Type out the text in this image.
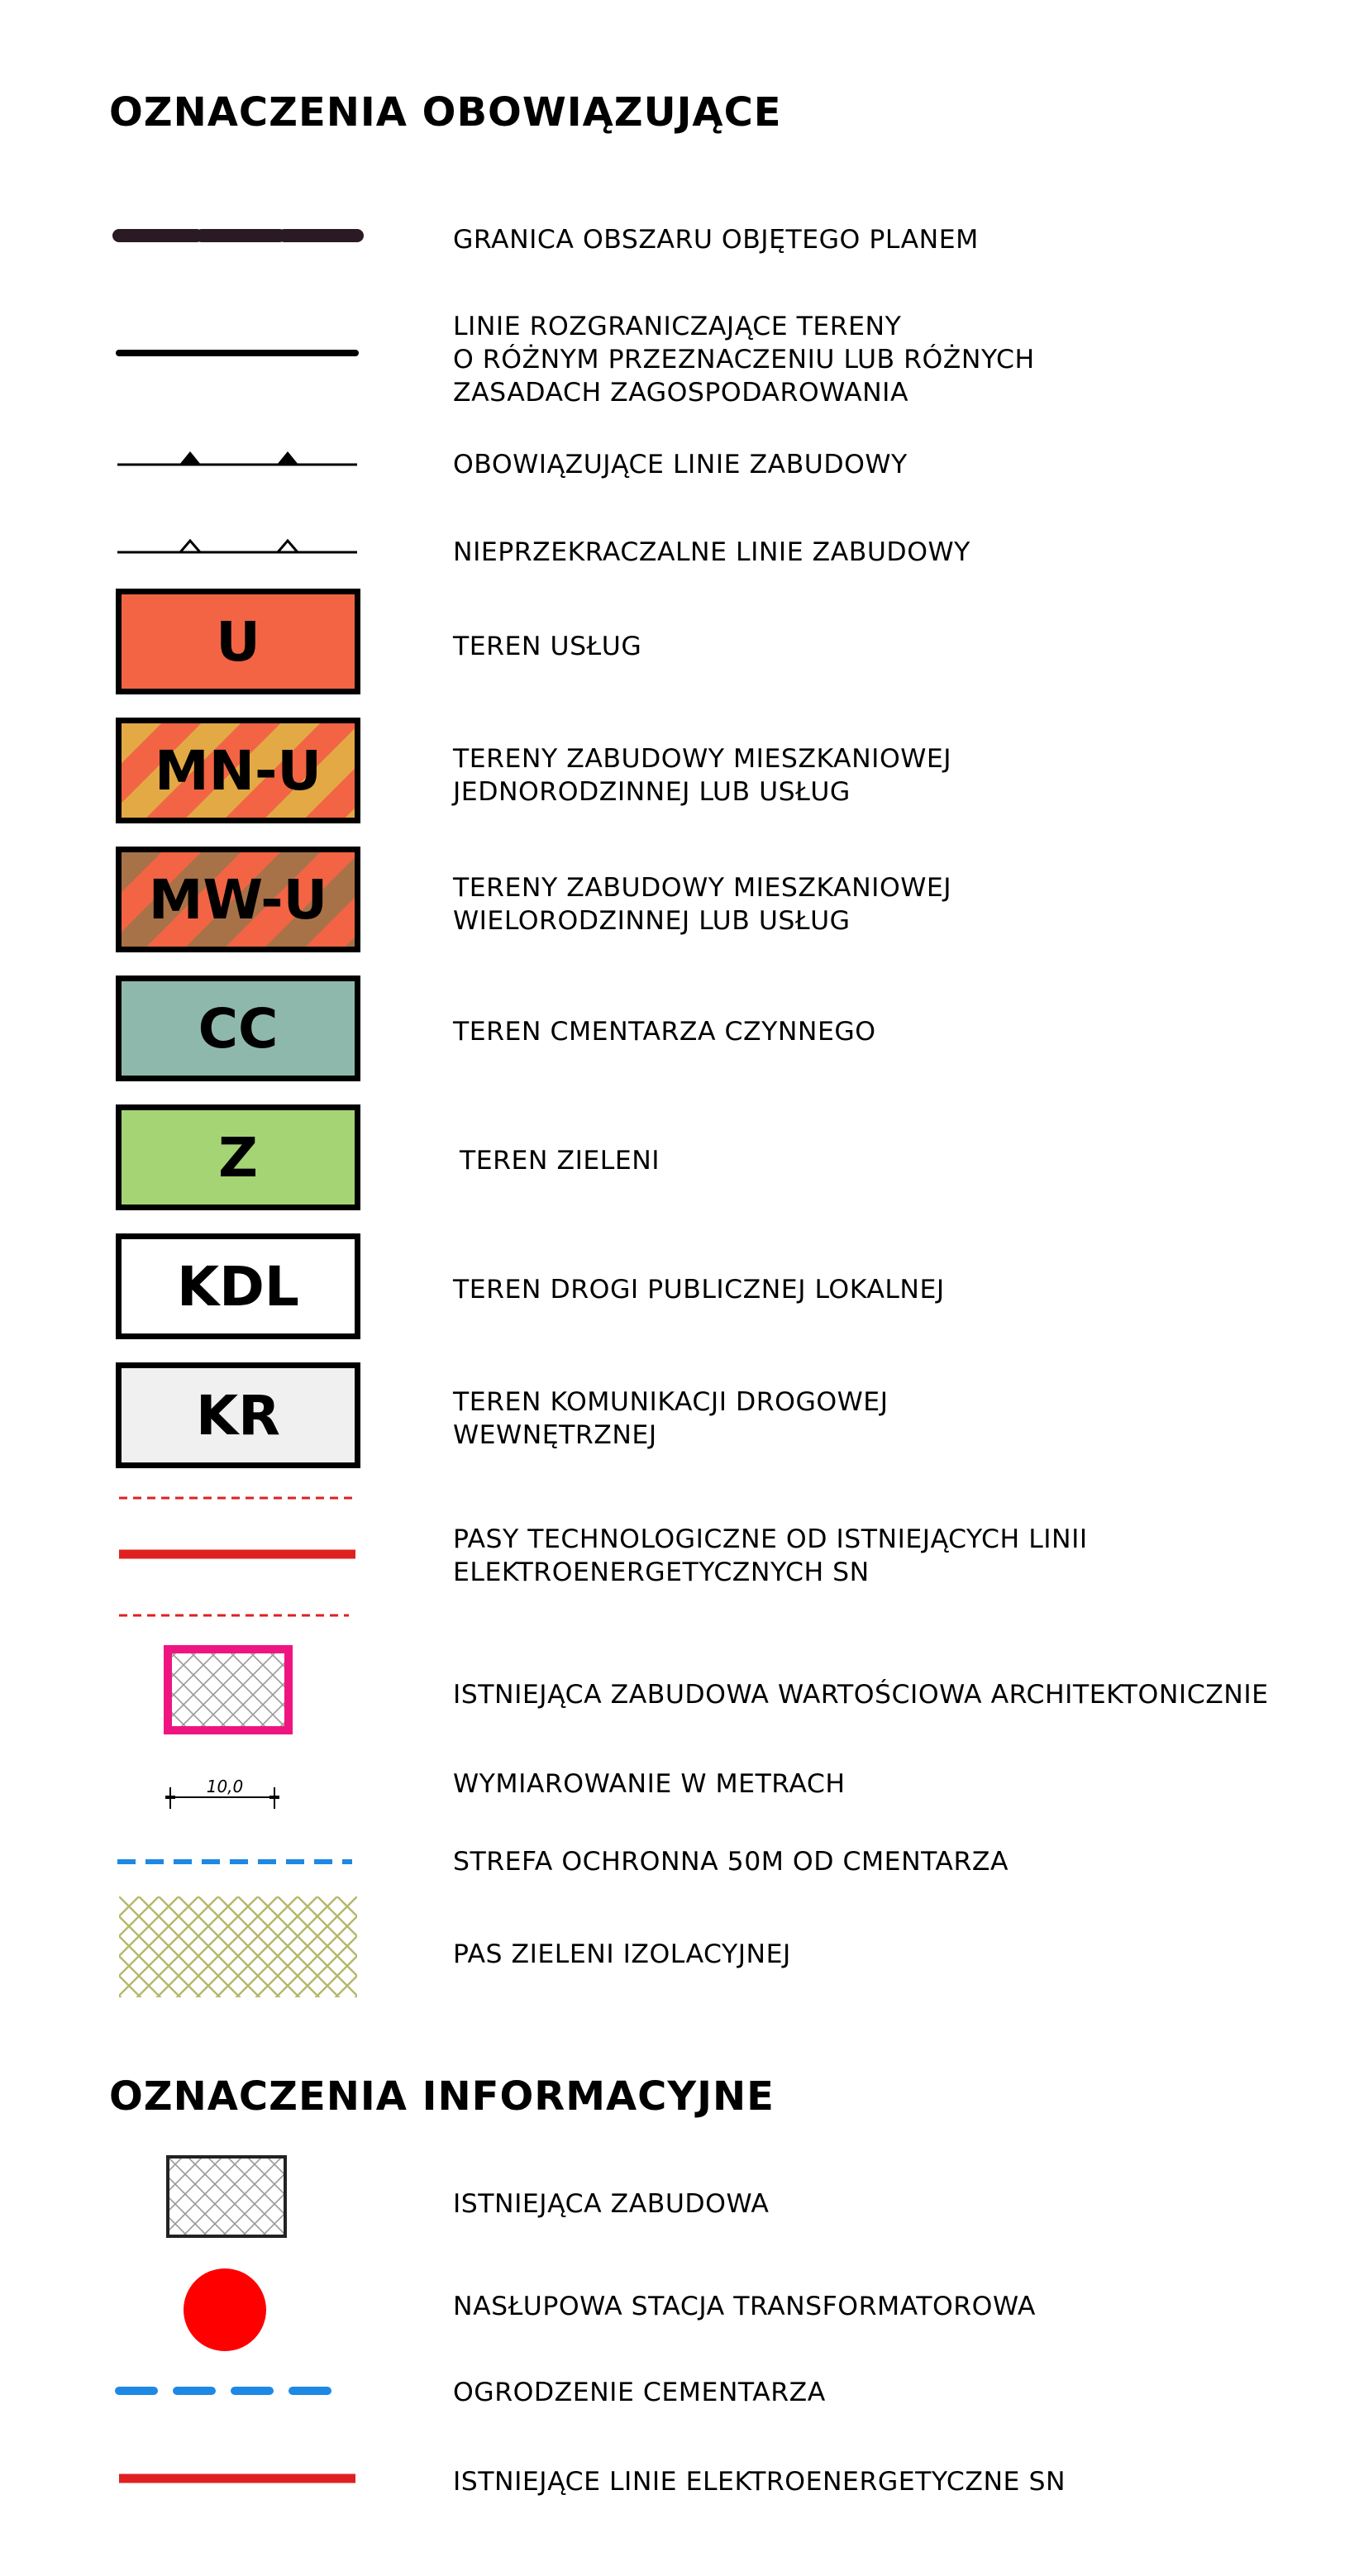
OZNACZENIA OBOWIĄZUJĄCE
OZNACZENIA INFORMACYJNE
GRANICA OBSZARU OBJĘTEGO PLANEM
LINIE ROZGRANICZAJĄCE TERENY
O RÓŻNYM PRZEZNACZENIU LUB RÓŻNYCH
ZASADACH ZAGOSPODAROWANIA
OBOWIĄZUJĄCE LINIE ZABUDOWY
NIEPRZEKRACZALNE LINIE ZABUDOWY
U	TEREN USŁUG
MN-U	TERENY ZABUDOWY MIESZKANIOWEJ
JEDNORODZINNEJ LUB USŁUG
MW-U	TERENY ZABUDOWY MIESZKANIOWEJ
WIELORODZINNEJ LUB USŁUG
CC	TEREN CMENTARZA CZYNNEGO
Z	TEREN ZIELENI
KDL	TEREN DROGI PUBLICZNEJ LOKALNEJ
KR	TEREN KOMUNIKACJI DROGOWEJ
WEWNĘTRZNEJ
PASY TECHNOLOGICZNE OD ISTNIEJĄCYCH LINII
ELEKTROENERGETYCZNYCH SN
ISTNIEJĄCA ZABUDOWA WARTOŚCIOWA ARCHITEKTONICZNIE
10,0	WYMIAROWANIE W METRACH
STREFA OCHRONNA 50M OD CMENTARZA
PAS ZIELENI IZOLACYJNEJ
ISTNIEJĄCA ZABUDOWA
NASŁUPOWA STACJA TRANSFORMATOROWA
OGRODZENIE CEMENTARZA
ISTNIEJĄCE LINIE ELEKTROENERGETYCZNE SN
